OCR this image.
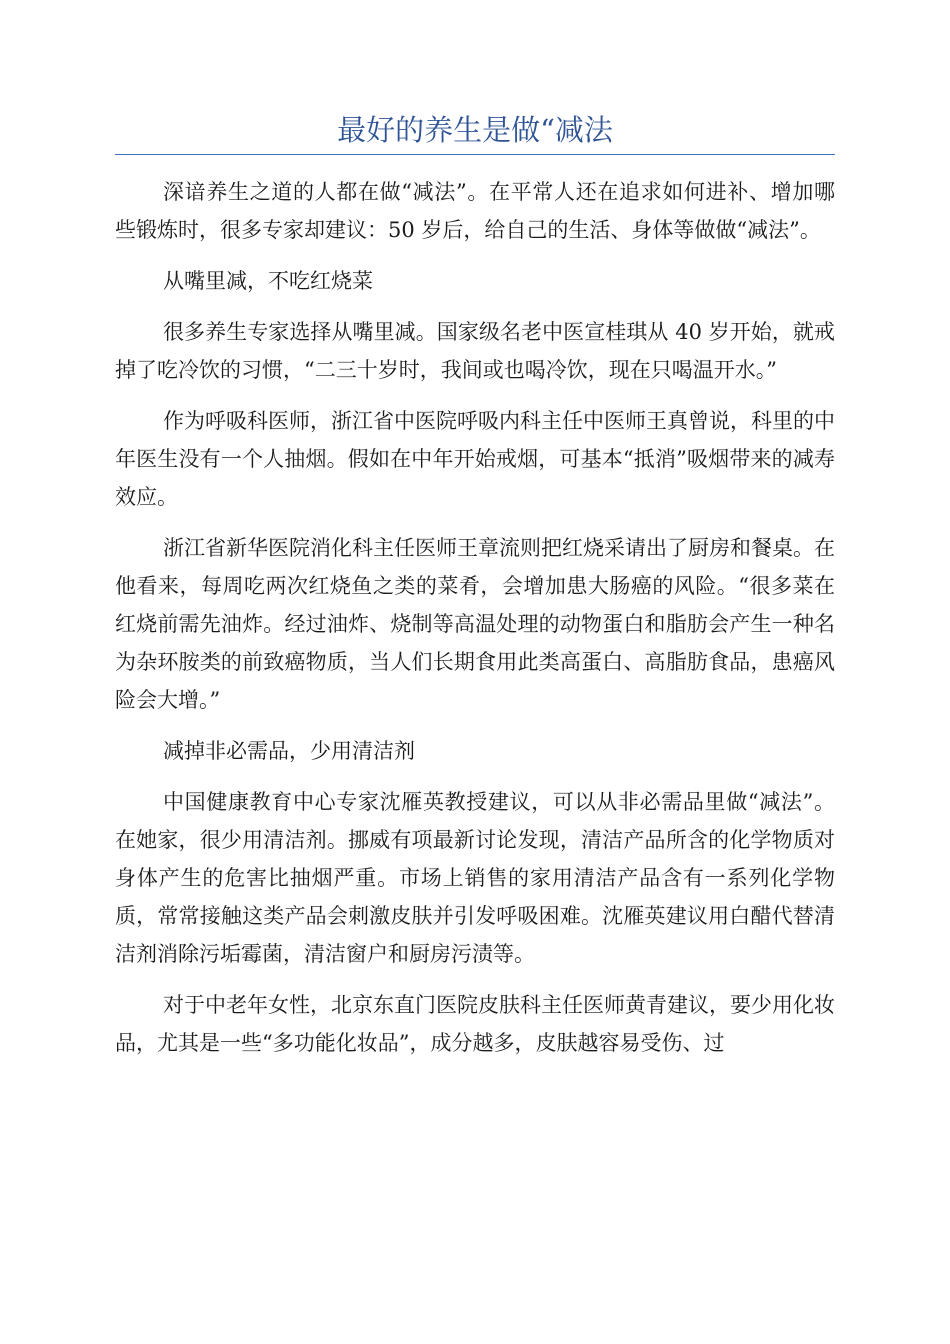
最好的养生是做“减法

深谙养生之道的人都在做“减法”。在平常人还在追求如何进补、增加哪些锻炼时，很多专家却建议：50 岁后，给自己的生活、身体等做做“减法”。

从嘴里减，不吃红烧菜

很多养生专家选择从嘴里减。国家级名老中医宣桂琪从 40 岁开始，就戒掉了吃冷饮的习惯，“二三十岁时，我间或也喝冷饮，现在只喝温开水。”

作为呼吸科医师，浙江省中医院呼吸内科主任中医师王真曾说，科里的中年医生没有一个人抽烟。假如在中年开始戒烟，可基本“抵消”吸烟带来的减寿效应。

浙江省新华医院消化科主任医师王章流则把红烧采请出了厨房和餐桌。在他看来，每周吃两次红烧鱼之类的菜肴，会增加患大肠癌的风险。“很多菜在红烧前需先油炸。经过油炸、烧制等高温处理的动物蛋白和脂肪会产生一种名为杂环胺类的前致癌物质，当人们长期食用此类高蛋白、高脂肪食品，患癌风险会大增。”

减掉非必需品，少用清洁剂

中国健康教育中心专家沈雁英教授建议，可以从非必需品里做“减法”。在她家，很少用清洁剂。挪威有项最新讨论发现，清洁产品所含的化学物质对身体产生的危害比抽烟严重。市场上销售的家用清洁产品含有一系列化学物质，常常接触这类产品会刺激皮肤并引发呼吸困难。沈雁英建议用白醋代替清洁剂消除污垢霉菌，清洁窗户和厨房污渍等。

对于中老年女性，北京东直门医院皮肤科主任医师黄青建议，要少用化妆品，尤其是一些“多功能化妆品”，成分越多，皮肤越容易受伤、过
